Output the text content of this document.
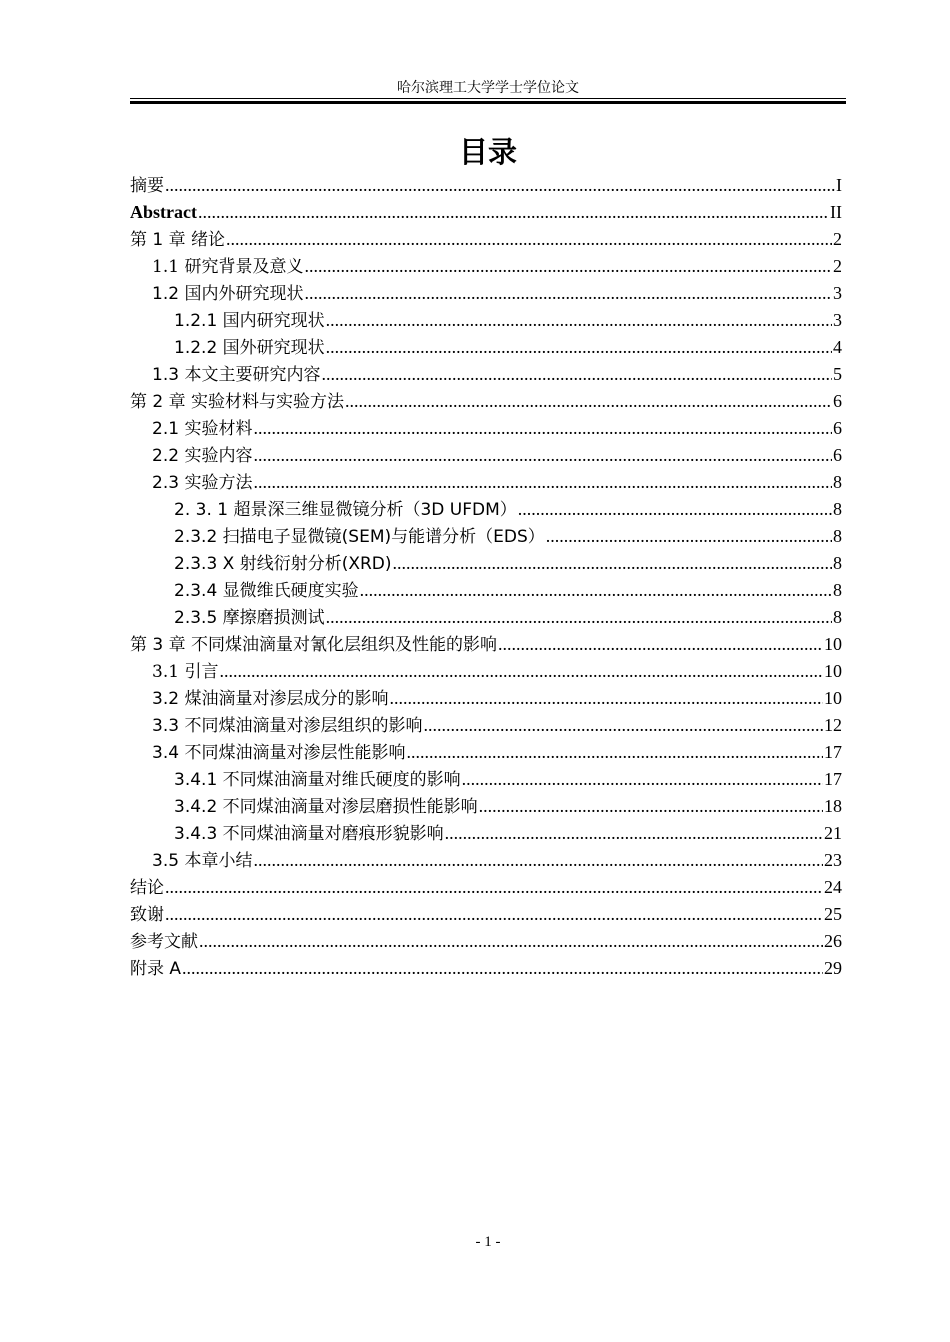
哈尔滨理工大学学士学位论文
目录
摘要 .....	I
Abstract .....	II
第 1 章 绪论 .....	2
1.1 研究背景及意义 .....	2
1.2 国内外研究现状 .....	3
1.2.1 国内研究现状 .....	3
1.2.2 国外研究现状 .....	4
1.3 本文主要研究内容 .....	5
第 2 章 实验材料与实验方法 .....	6
2.1 实验材料 .....	6
2.2 实验内容 .....	6
2.3 实验方法 .....	8
2. 3. 1 超景深三维显微镜分析（3D UFDM） .....	8
2.3.2 扫描电子显微镜(SEM)与能谱分析（EDS） .....	8
2.3.3 X 射线衍射分析(XRD) .....	8
2.3.4 显微维氏硬度实验 .....	8
2.3.5 摩擦磨损测试 .....	8
第 3 章 不同煤油滴量对氰化层组织及性能的影响 .....	10
3.1 引言 .....	10
3.2 煤油滴量对渗层成分的影响 .....	10
3.3 不同煤油滴量对渗层组织的影响 .....	12
3.4 不同煤油滴量对渗层性能影响 .....	17
3.4.1 不同煤油滴量对维氏硬度的影响 .....	17
3.4.2 不同煤油滴量对渗层磨损性能影响 .....	18
3.4.3 不同煤油滴量对磨痕形貌影响 .....	21
3.5 本章小结 .....	23
结论 .....	24
致谢 .....	25
参考文献 .....	26
附录 A .....	29
- 1 -
